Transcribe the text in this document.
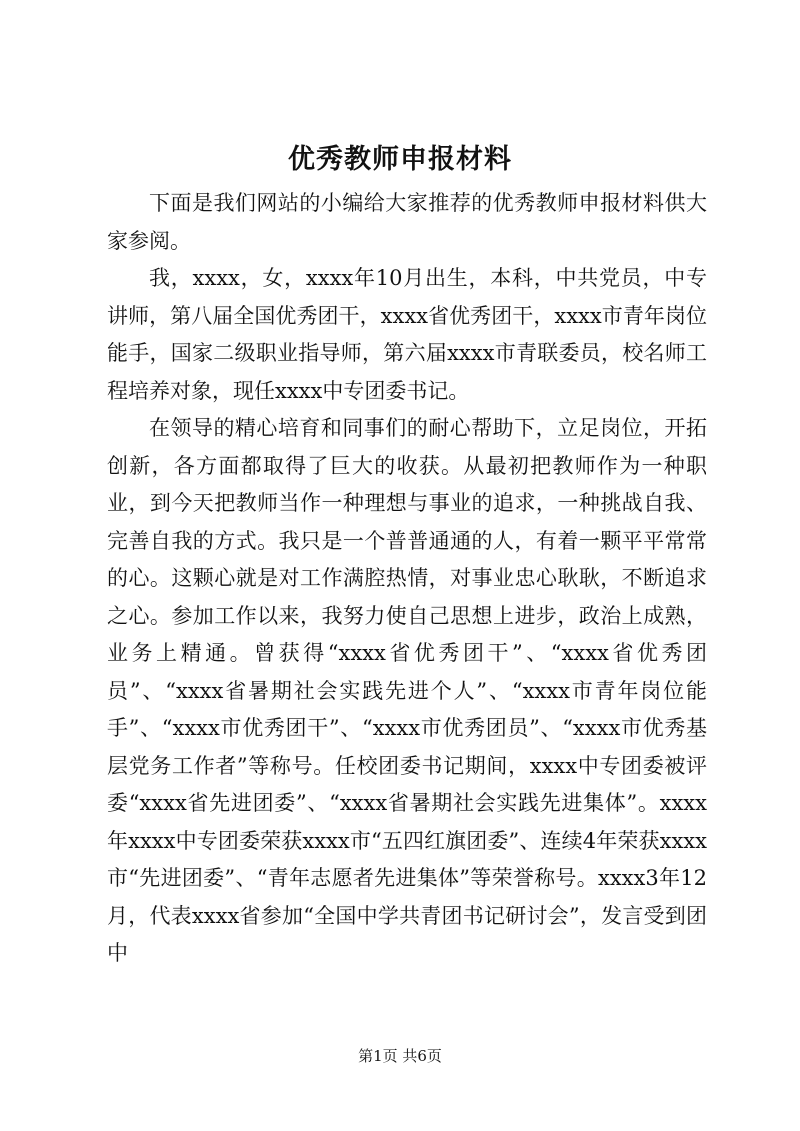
优秀教师申报材料

下面是我们网站的小编给大家推荐的优秀教师申报材料供大家参阅。

我，xxxx，女，xxxx年10月出生，本科，中共党员，中专讲师，第八届全国优秀团干，xxxx省优秀团干，xxxx市青年岗位能手，国家二级职业指导师，第六届xxxx市青联委员，校名师工程培养对象，现任xxxx中专团委书记。

在领导的精心培育和同事们的耐心帮助下，立足岗位，开拓创新，各方面都取得了巨大的收获。从最初把教师作为一种职业，到今天把教师当作一种理想与事业的追求，一种挑战自我、完善自我的方式。我只是一个普普通通的人，有着一颗平平常常的心。这颗心就是对工作满腔热情，对事业忠心耿耿，不断追求之心。参加工作以来，我努力使自己思想上进步，政治上成熟，业务上精通。曾获得“xxxx省优秀团干”、“xxxx省优秀团员”、“xxxx省暑期社会实践先进个人”、“xxxx市青年岗位能手”、“xxxx市优秀团干”、“xxxx市优秀团员”、“xxxx市优秀基层党务工作者”等称号。任校团委书记期间，xxxx中专团委被评委“xxxx省先进团委”、“xxxx省暑期社会实践先进集体”。xxxx年xxxx中专团委荣获xxxx市“五四红旗团委”、连续4年荣获xxxx市“先进团委”、“青年志愿者先进集体”等荣誉称号。xxxx3年12月，代表xxxx省参加“全国中学共青团书记研讨会”，发言受到团中

第1页 共6页
